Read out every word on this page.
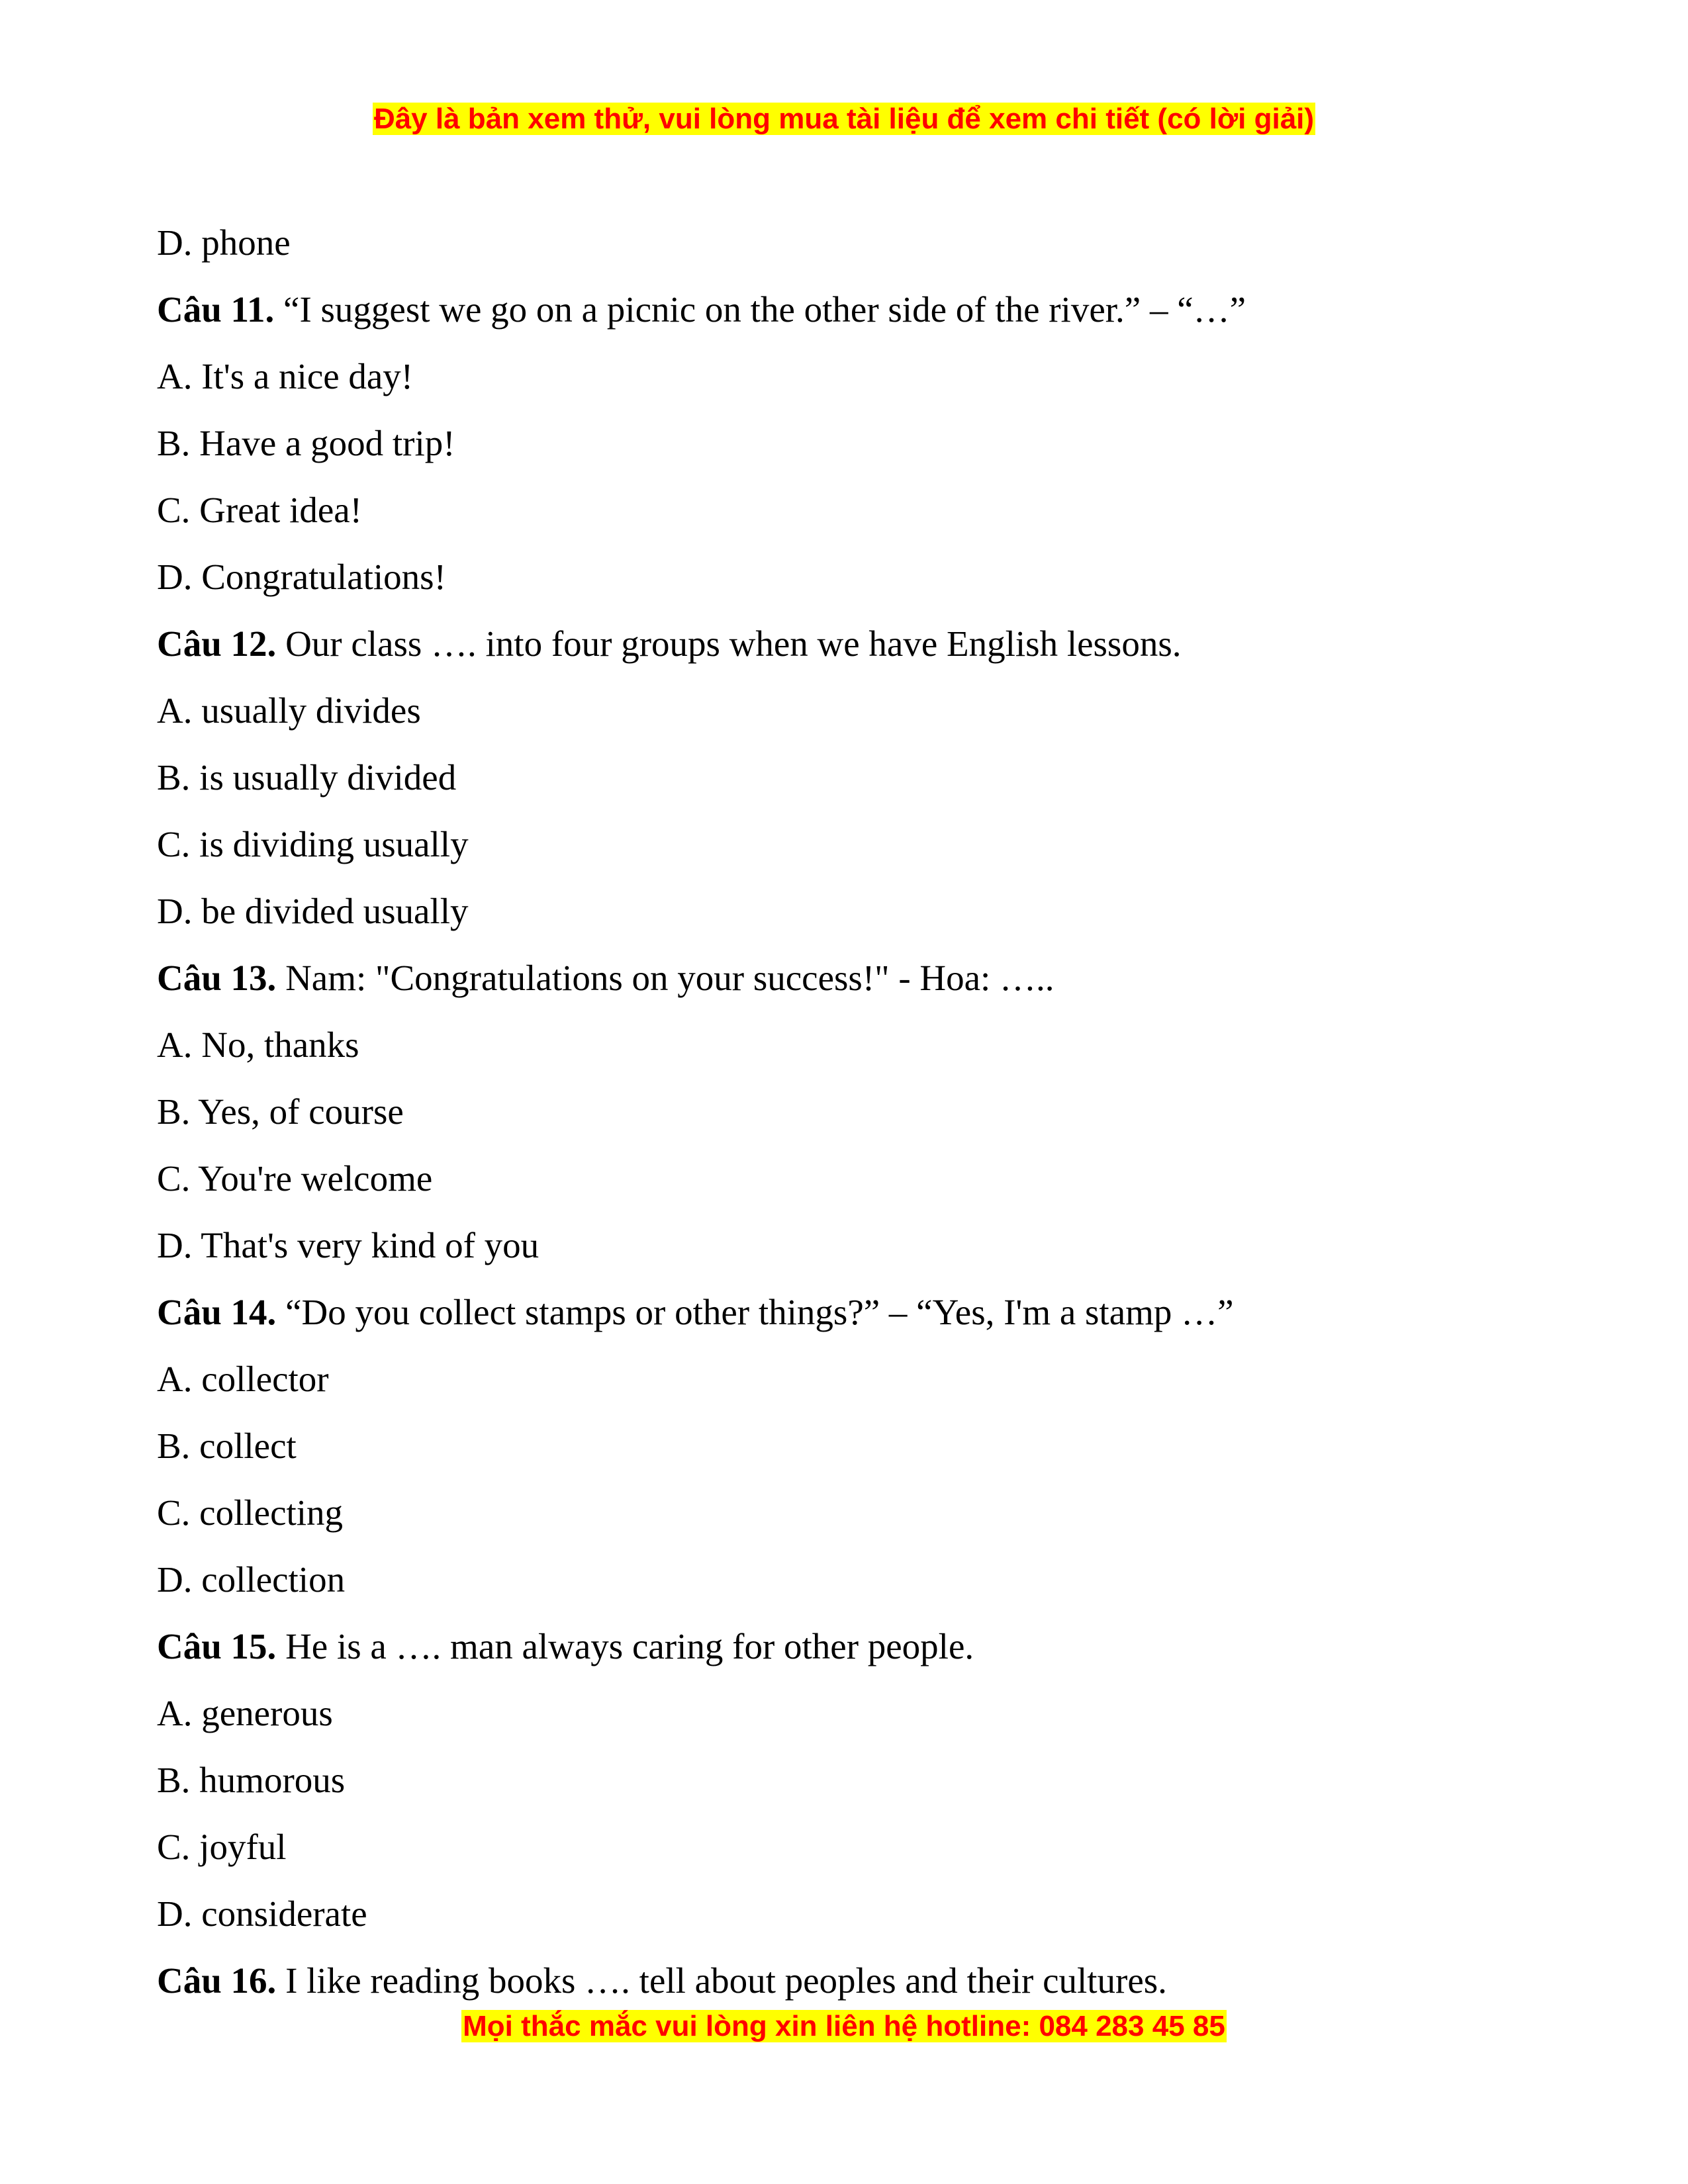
Đây là bản xem thử, vui lòng mua tài liệu để xem chi tiết (có lời giải)
D. phone
Câu 11. “I suggest we go on a picnic on the other side of the river.” – “…”
A. It's a nice day!
B. Have a good trip!
C. Great idea!
D. Congratulations!
Câu 12. Our class …. into four groups when we have English lessons.
A. usually divides
B. is usually divided
C. is dividing usually
D. be divided usually
Câu 13. Nam: "Congratulations on your success!" - Hoa: …..
A. No, thanks
B. Yes, of course
C. You're welcome
D. That's very kind of you
Câu 14. “Do you collect stamps or other things?” – “Yes, I'm a stamp …”
A. collector
B. collect
C. collecting
D. collection
Câu 15. He is a …. man always caring for other people.
A. generous
B. humorous
C. joyful
D. considerate
Câu 16. I like reading books …. tell about peoples and their cultures.
Mọi thắc mắc vui lòng xin liên hệ hotline: 084 283 45 85
